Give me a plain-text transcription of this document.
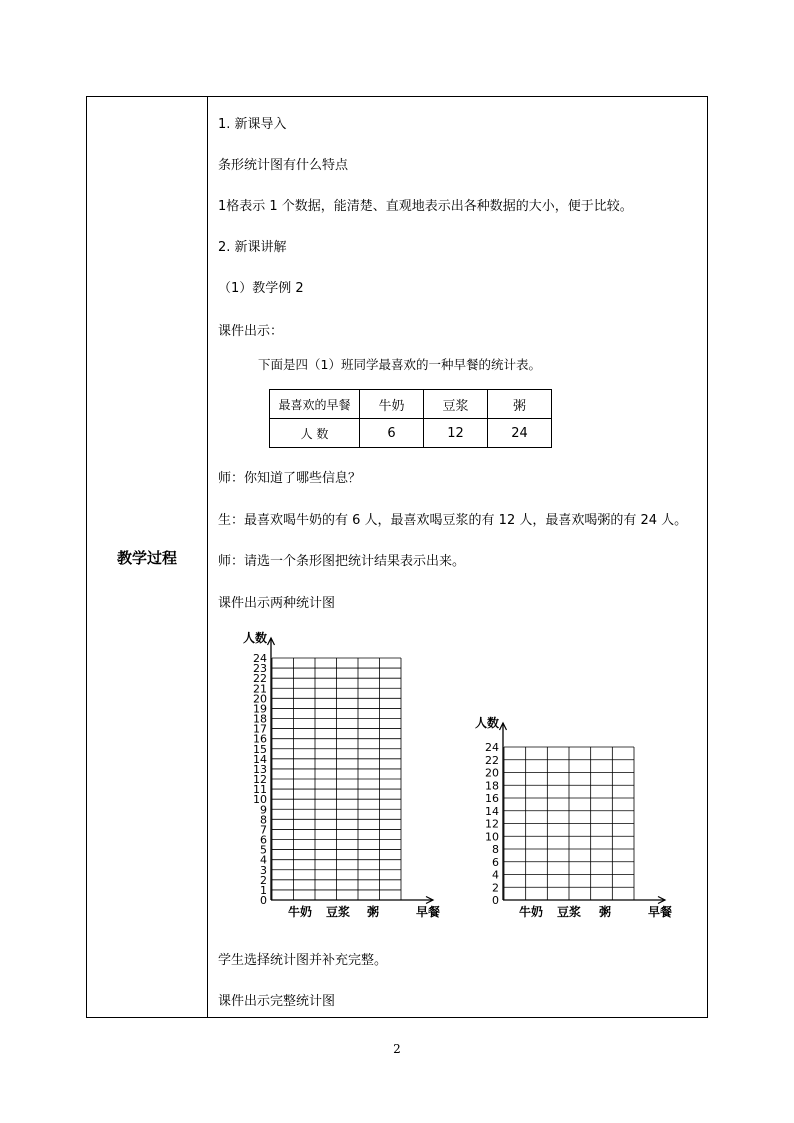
教学过程
1. 新课导入
条形统计图有什么特点
1格表示 1 个数据，能清楚、直观地表示出各种数据的大小，便于比较。
2. 新课讲解
（1）教学例 2
课件出示：
下面是四（1）班同学最喜欢的一种早餐的统计表。
最喜欢的早餐	牛奶	豆浆	粥
人 数	6	12	24
师：你知道了哪些信息？
生：最喜欢喝牛奶的有 6 人，最喜欢喝豆浆的有 12 人，最喜欢喝粥的有 24 人。
师：请选一个条形图把统计结果表示出来。
课件出示两种统计图
学生选择统计图并补充完整。
课件出示完整统计图
0
1
2
3
4
5
6
7
8
9
10
11
12
13
14
15
16
17
18
19
20
21
22
23
24
人数
牛奶 豆浆 粥	早餐
0
2
4
6
8
10
12
14
16
18
20
22
24
人数
牛奶 豆浆 粥	早餐
2
